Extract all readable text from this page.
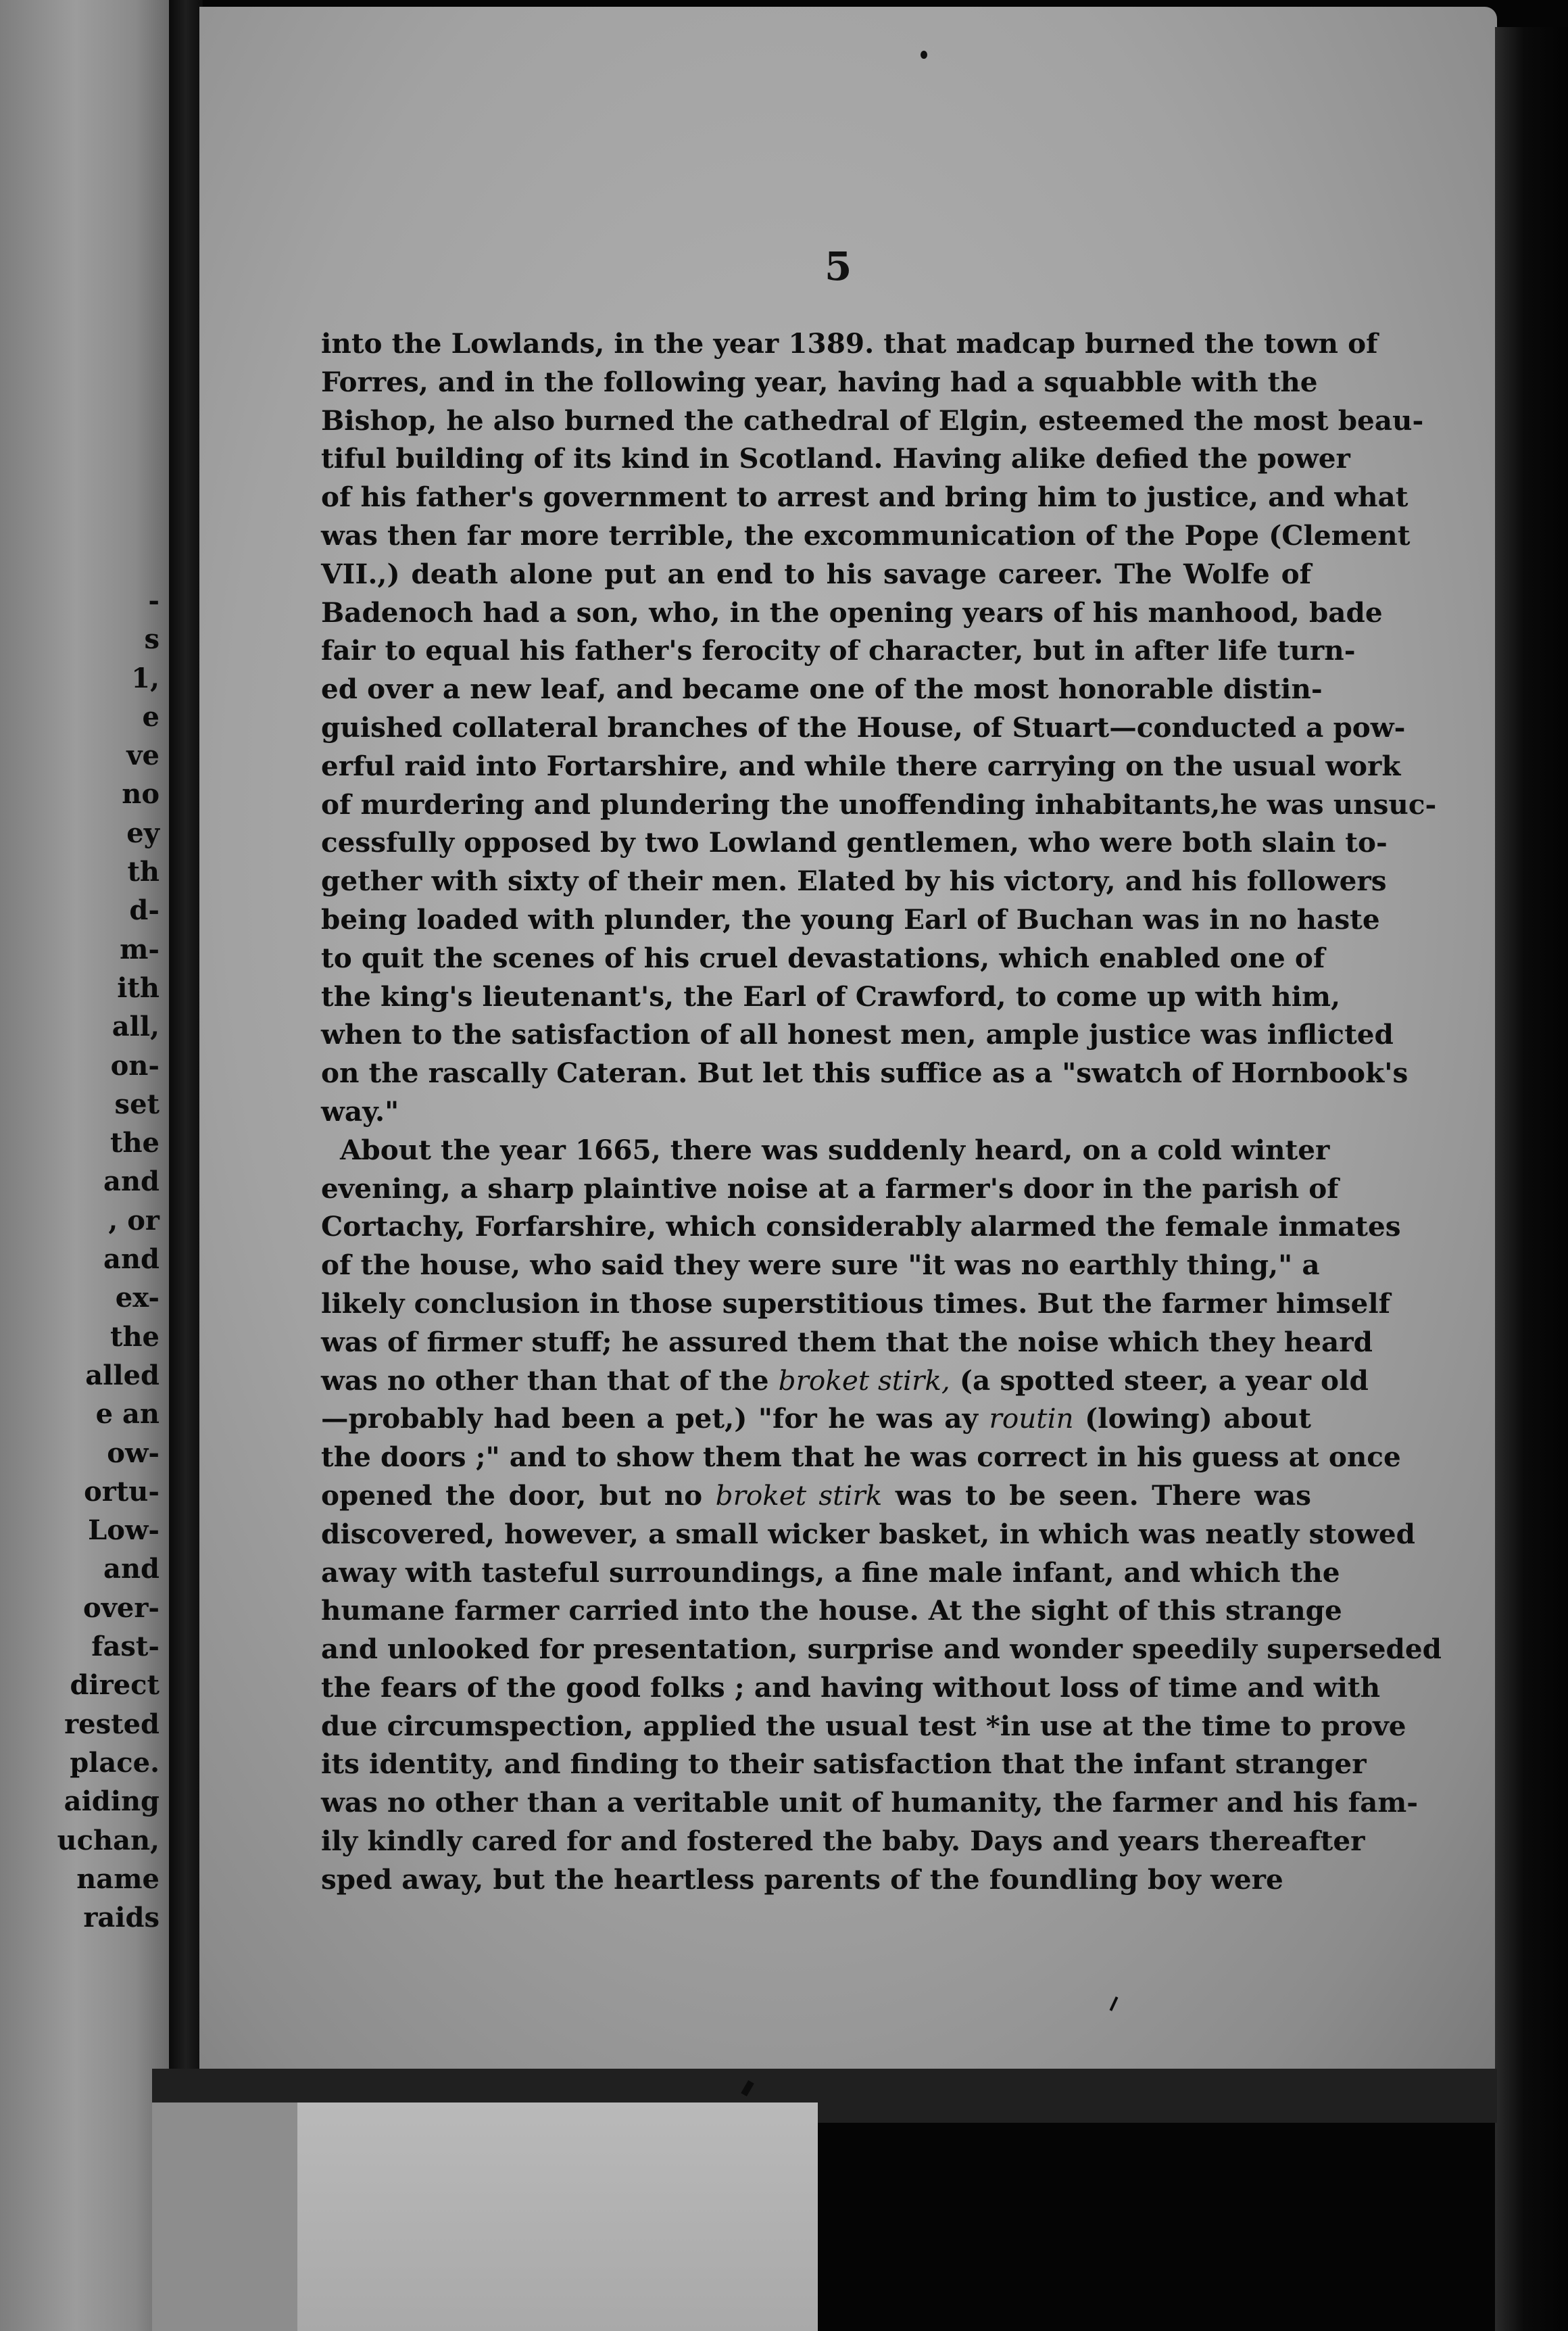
-
s
1,
e
ve
no
ey
th
d-
m-
ith
all,
on-
set
the
and
, or
and
ex-
the
alled
e an
ow-
ortu-
Low-
and
over-
fast-
direct
rested
place.
aiding
uchan,
name
raids
5
into the Lowlands, in the year 1389. that madcap burned the town of
Forres, and in the following year, having had a squabble with the
Bishop, he also burned the cathedral of Elgin, esteemed the most beau-
tiful building of its kind in Scotland. Having alike defied the power
of his father's government to arrest and bring him to justice, and what
was then far more terrible, the excommunication of the Pope (Clement
VII.,) death alone put an end to his savage career. The Wolfe of
Badenoch had a son, who, in the opening years of his manhood, bade
fair to equal his father's ferocity of character, but in after life turn-
ed over a new leaf, and became one of the most honorable distin-
guished collateral branches of the House, of Stuart—conducted a pow-
erful raid into Fortarshire, and while there carrying on the usual work
of murdering and plundering the unoffending inhabitants,he was unsuc-
cessfully opposed by two Lowland gentlemen, who were both slain to-
gether with sixty of their men. Elated by his victory, and his followers
being loaded with plunder, the young Earl of Buchan was in no haste
to quit the scenes of his cruel devastations, which enabled one of
the king's lieutenant's, the Earl of Crawford, to come up with him,
when to the satisfaction of all honest men, ample justice was inflicted
on the rascally Cateran. But let this suffice as a "swatch of Hornbook's
way."
About the year 1665, there was suddenly heard, on a cold winter
evening, a sharp plaintive noise at a farmer's door in the parish of
Cortachy, Forfarshire, which considerably alarmed the female inmates
of the house, who said they were sure "it was no earthly thing," a
likely conclusion in those superstitious times. But the farmer himself
was of firmer stuff; he assured them that the noise which they heard
was no other than that of the broket stirk, (a spotted steer, a year old
—probably had been a pet,) "for he was ay routin (lowing) about
the doors ;" and to show them that he was correct in his guess at once
opened the door, but no broket stirk was to be seen. There was
discovered, however, a small wicker basket, in which was neatly stowed
away with tasteful surroundings, a fine male infant, and which the
humane farmer carried into the house. At the sight of this strange
and unlooked for presentation, surprise and wonder speedily superseded
the fears of the good folks ; and having without loss of time and with
due circumspection, applied the usual test *in use at the time to prove
its identity, and finding to their satisfaction that the infant stranger
was no other than a veritable unit of humanity, the farmer and his fam-
ily kindly cared for and fostered the baby. Days and years thereafter
sped away, but the heartless parents of the foundling boy were
